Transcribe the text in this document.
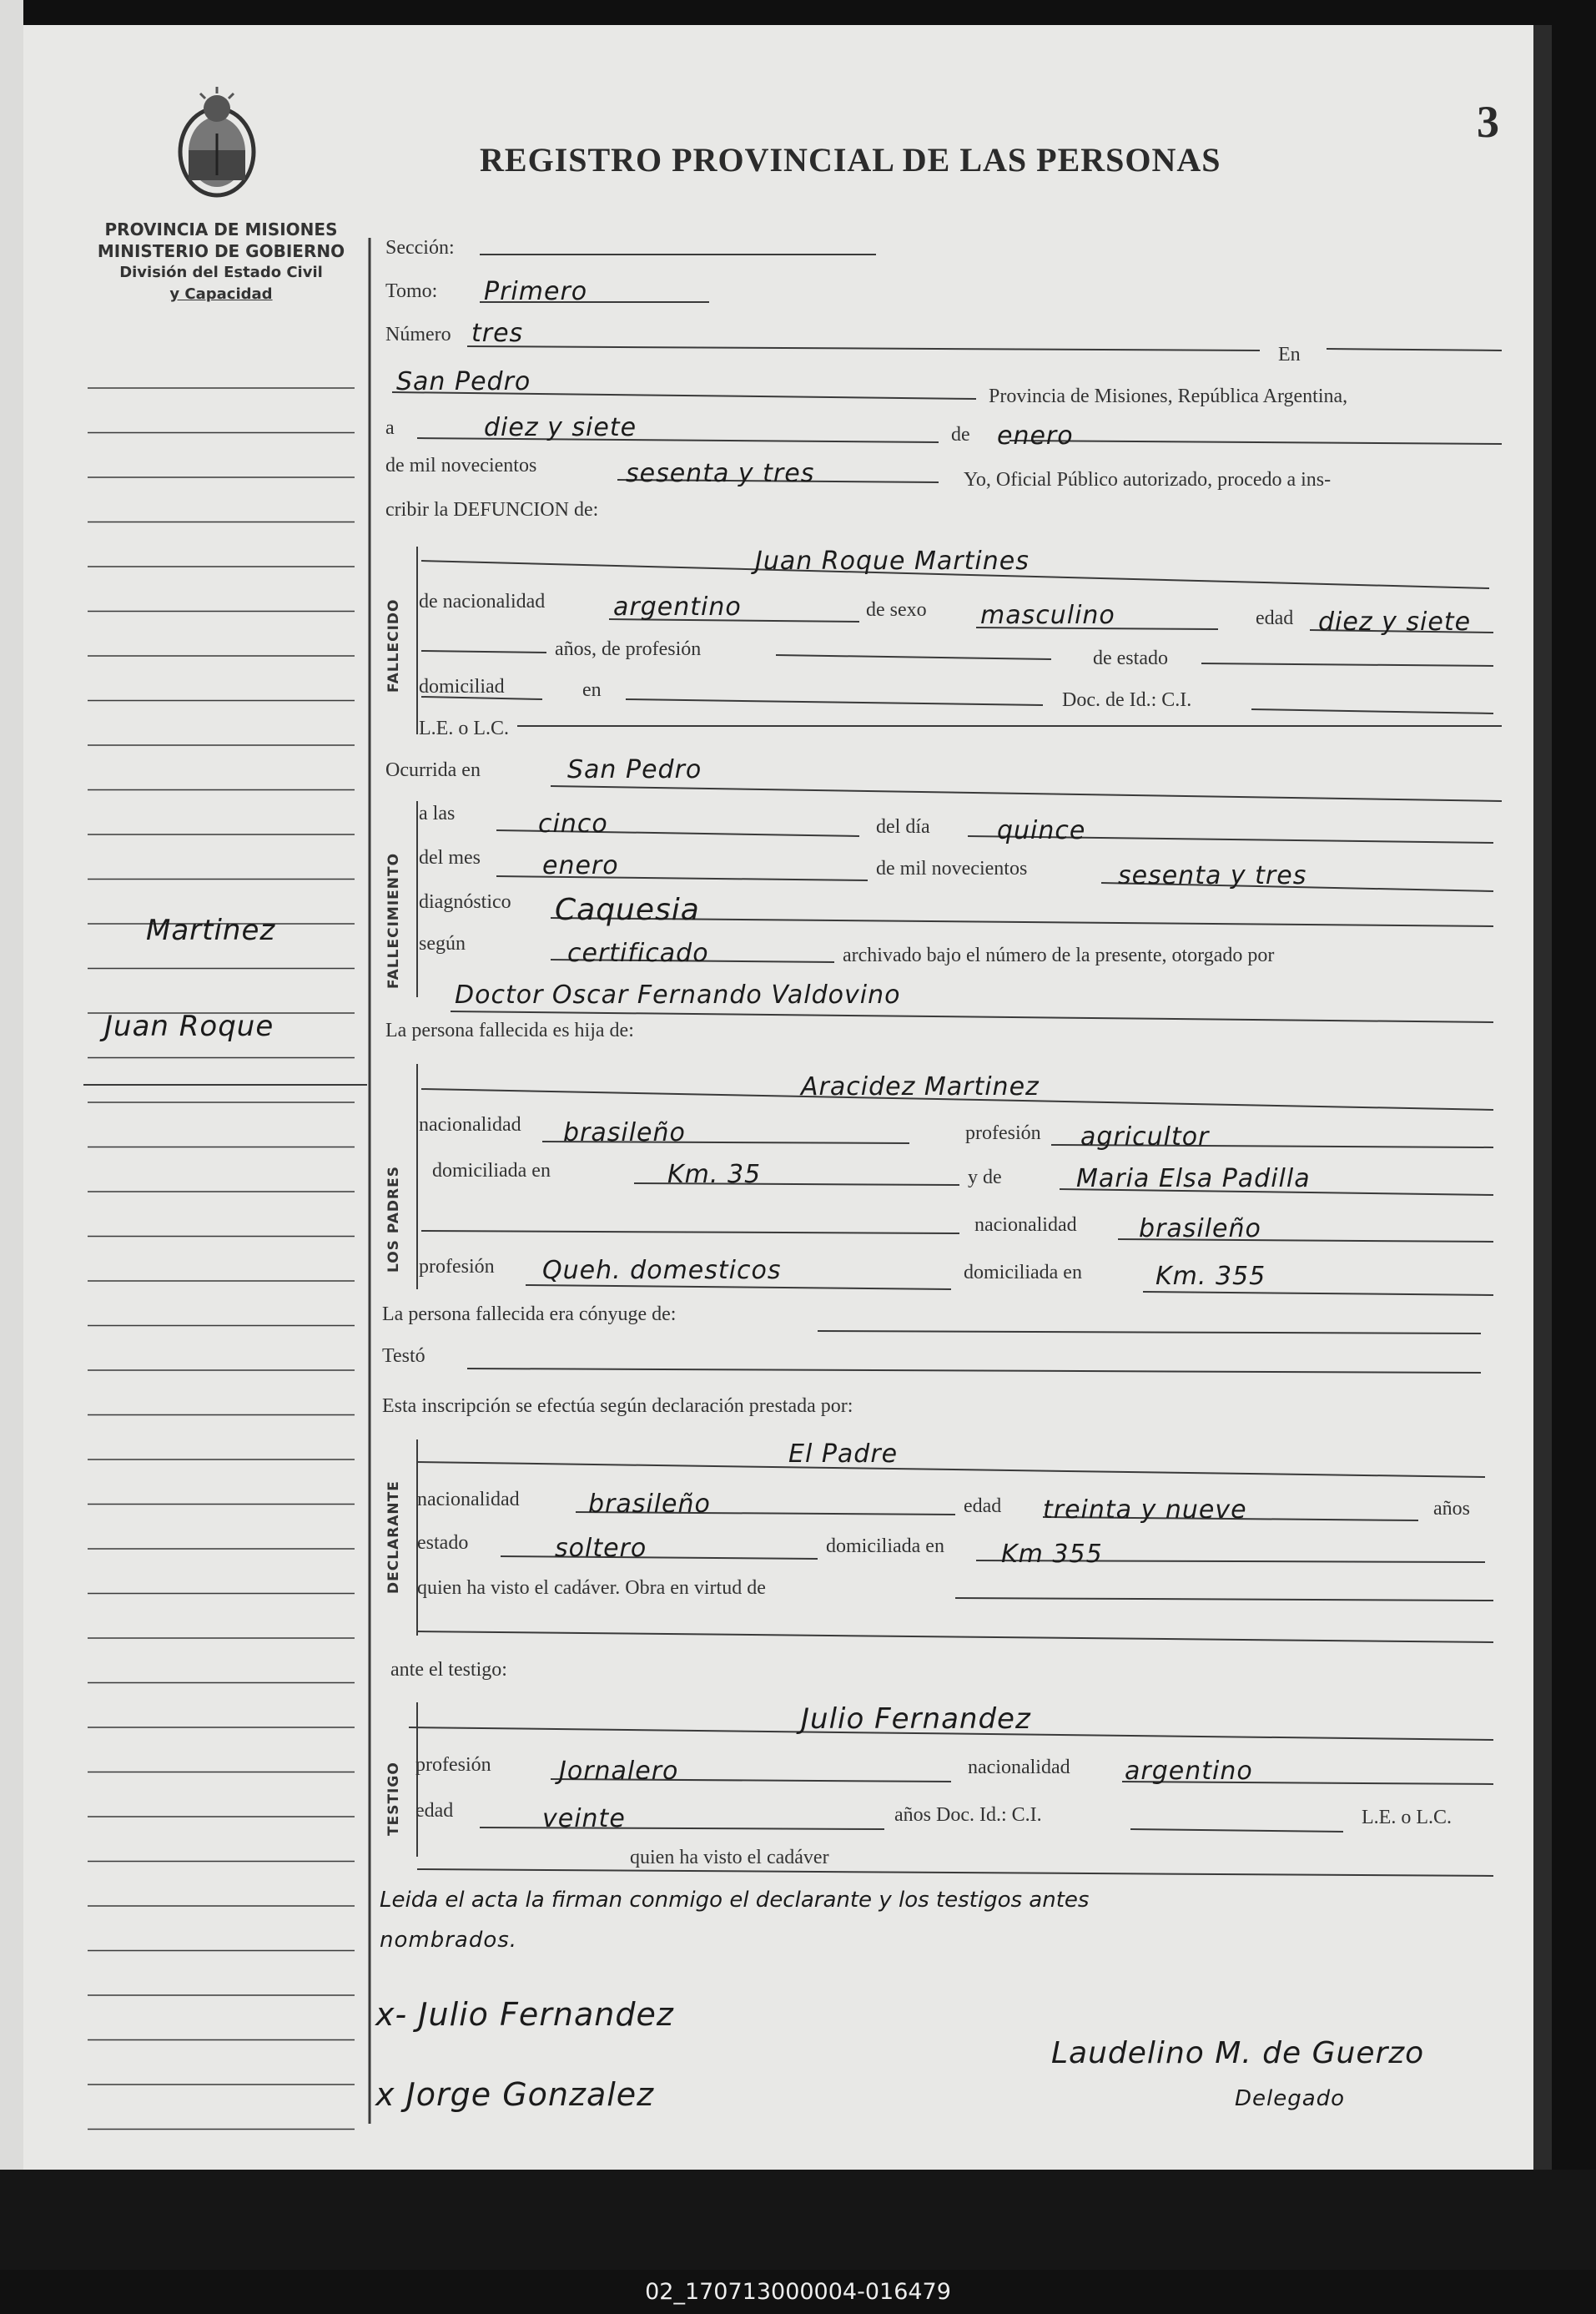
REGISTRO PROVINCIAL DE LAS PERSONAS
3
PROVINCIA DE MISIONES
MINISTERIO DE GOBIERNO
División del Estado Civil
y Capacidad
Martinez
Juan Roque
Sección:
Tomo: Primero
Número tres
En
San Pedro	Provincia de Misiones, República Argentina,
a	diez y siete	de enero
de mil novecientos	sesenta y tres	Yo, Oficial Público autorizado, procedo a ins-
cribir la DEFUNCION de:
FALLECIDO
Juan Roque Martines
de nacionalidad	argentino	de sexo masculino	edad diez y siete
años, de profesión	de estado
domiciliad	en	Doc. de Id.: C.I.
L.E. o L.C.
Ocurrida en	San Pedro
FALLECIMIENTO
a las	cinco	del día	quince
del mes enero	de mil novecientos	sesenta y tres
diagnóstico Caquesia
según	certificado	archivado bajo el número de la presente, otorgado por
Doctor Oscar Fernando Valdovino
La persona fallecida es hija de:
LOS PADRES
Aracidez Martinez
nacionalidad brasileño	profesión agricultor
domiciliada en	Km. 35	y de	Maria Elsa Padilla
nacionalidad brasileño
profesión Queh. domesticos	domiciliada en	Km. 355
La persona fallecida era cónyuge de:
Testó
Esta inscripción se efectúa según declaración prestada por:
DECLARANTE
El Padre
nacionalidad	brasileño	edad treinta y nueve	años
estado	soltero	domiciliada en Km 355
quien ha visto el cadáver. Obra en virtud de
ante el testigo:
TESTIGO
Julio Fernandez
profesión	Jornalero	nacionalidad argentino
edad	veinte	años Doc. Id.: C.I.	L.E. o L.C.
quien ha visto el cadáver
Leida el acta la firman conmigo el declarante y los testigos antes
nombrados.
x- Julio Fernandez
x Jorge Gonzalez
Laudelino M. de Guerzo
Delegado
02_170713000004-016479
